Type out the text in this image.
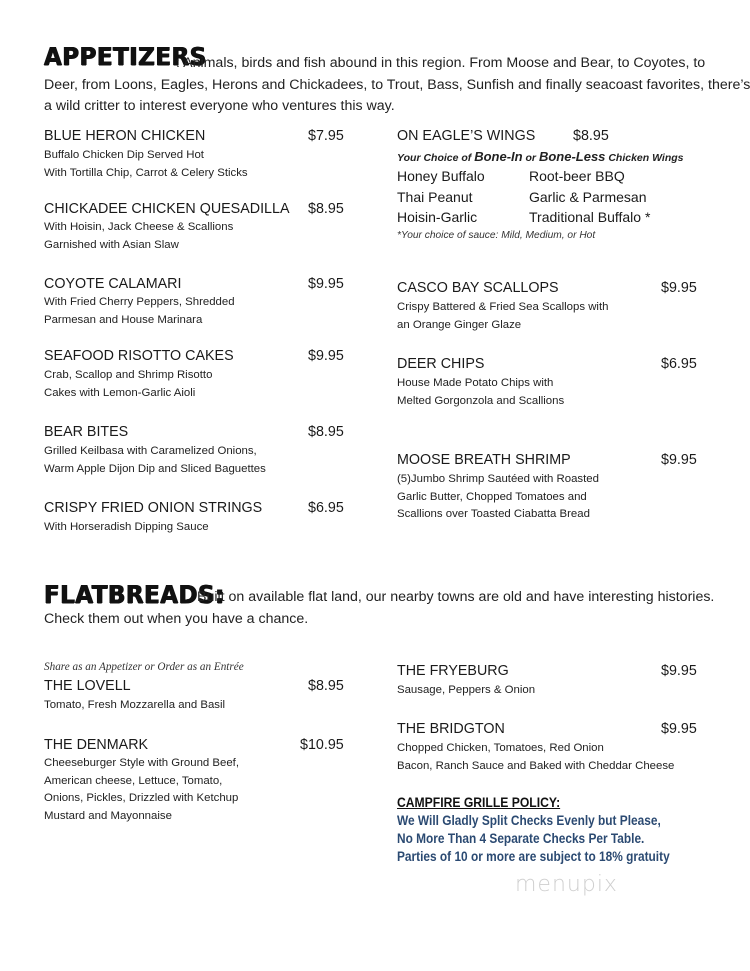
APPETIZERS
: Animals, birds and fish abound in this region. From Moose and Bear, to Coyotes, to
Deer, from Loons, Eagles, Herons and Chickadees, to Trout, Bass, Sunfish and finally seacoast favorites, there’s
a wild critter to interest everyone who ventures this way.
BLUE HERON CHICKEN	$7.95
Buffalo Chicken Dip Served Hot
With Tortilla Chip, Carrot & Celery Sticks
CHICKADEE CHICKEN QUESADILLA $8.95
With Hoisin, Jack Cheese & Scallions
Garnished with Asian Slaw
COYOTE CALAMARI	$9.95
With Fried Cherry Peppers, Shredded
Parmesan and House Marinara
SEAFOOD RISOTTO CAKES	$9.95
Crab, Scallop and Shrimp Risotto
Cakes with Lemon-Garlic Aioli
BEAR BITES	$8.95
Grilled Keilbasa with Caramelized Onions,
Warm Apple Dijon Dip and Sliced Baguettes
CRISPY FRIED ONION STRINGS	$6.95
With Horseradish Dipping Sauce
ON EAGLE’S WINGS	$8.95
Your Choice of Bone-In or Bone-Less Chicken Wings
Honey Buffalo	Root-beer BBQ
Thai Peanut	Garlic & Parmesan
Hoisin-Garlic	Traditional Buffalo *
*Your choice of sauce: Mild, Medium, or Hot
CASCO BAY SCALLOPS	$9.95
Crispy Battered & Fried Sea Scallops with
an Orange Ginger Glaze
DEER CHIPS	$6.95
House Made Potato Chips with
Melted Gorgonzola and Scallions
MOOSE BREATH SHRIMP	$9.95
(5)Jumbo Shrimp Sautéed with Roasted
Garlic Butter, Chopped Tomatoes and
Scallions over Toasted Ciabatta Bread
FLATBREADS:
Built on available flat land, our nearby towns are old and have interesting histories.
Check them out when you have a chance.
Share as an Appetizer or Order as an Entrée
THE LOVELL	$8.95
Tomato, Fresh Mozzarella and Basil
THE DENMARK	$10.95
Cheeseburger Style with Ground Beef,
American cheese, Lettuce, Tomato,
Onions, Pickles, Drizzled with Ketchup
Mustard and Mayonnaise
THE FRYEBURG	$9.95
Sausage, Peppers & Onion
THE BRIDGTON	$9.95
Chopped Chicken, Tomatoes, Red Onion
Bacon, Ranch Sauce and Baked with Cheddar Cheese
CAMPFIRE GRILLE POLICY:
We Will Gladly Split Checks Evenly but Please,
No More Than 4 Separate Checks Per Table.
Parties of 10 or more are subject to 18% gratuity
menupix
